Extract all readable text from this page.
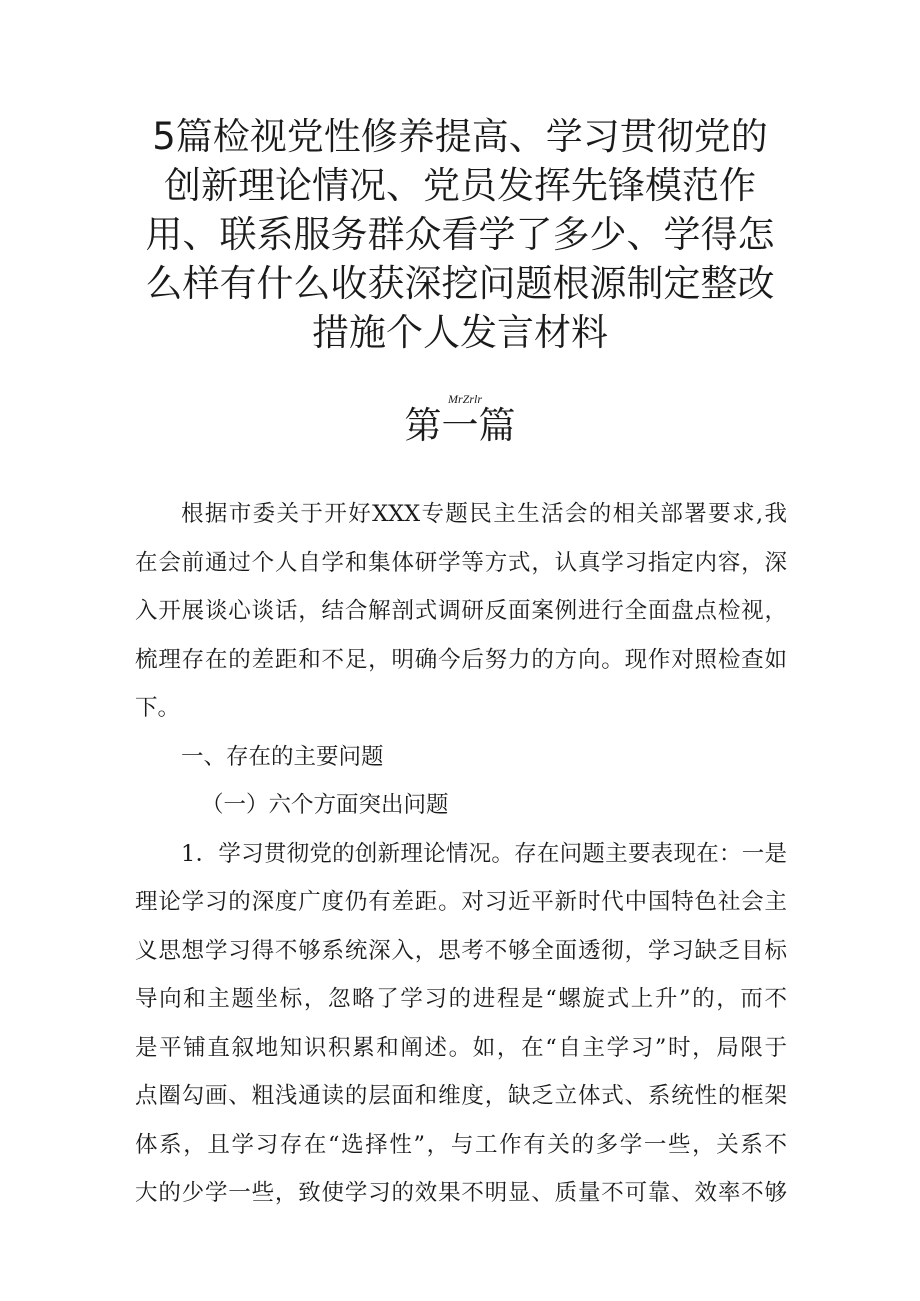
5篇检视党性修养提高、学习贯彻党的
创新理论情况、党员发挥先锋模范作
用、联系服务群众看学了多少、学得怎
么样有什么收获深挖问题根源制定整改
措施个人发言材料
MrZrlr
第一篇
根据市委关于开好XXX专题民主生活会的相关部署要求,我
在会前通过个人自学和集体研学等方式，认真学习指定内容，深
入开展谈心谈话，结合解剖式调研反面案例进行全面盘点检视，
梳理存在的差距和不足，明确今后努力的方向。现作对照检查如
下。
一、存在的主要问题
（一）六个方面突出问题
1．学习贯彻党的创新理论情况。存在问题主要表现在：一是
理论学习的深度广度仍有差距。对习近平新时代中国特色社会主
义思想学习得不够系统深入，思考不够全面透彻，学习缺乏目标
导向和主题坐标，忽略了学习的进程是“螺旋式上升”的，而不
是平铺直叙地知识积累和阐述。如，在“自主学习”时，局限于
点圈勾画、粗浅通读的层面和维度，缺乏立体式、系统性的框架
体系，且学习存在“选择性”，与工作有关的多学一些，关系不
大的少学一些，致使学习的效果不明显、质量不可靠、效率不够
